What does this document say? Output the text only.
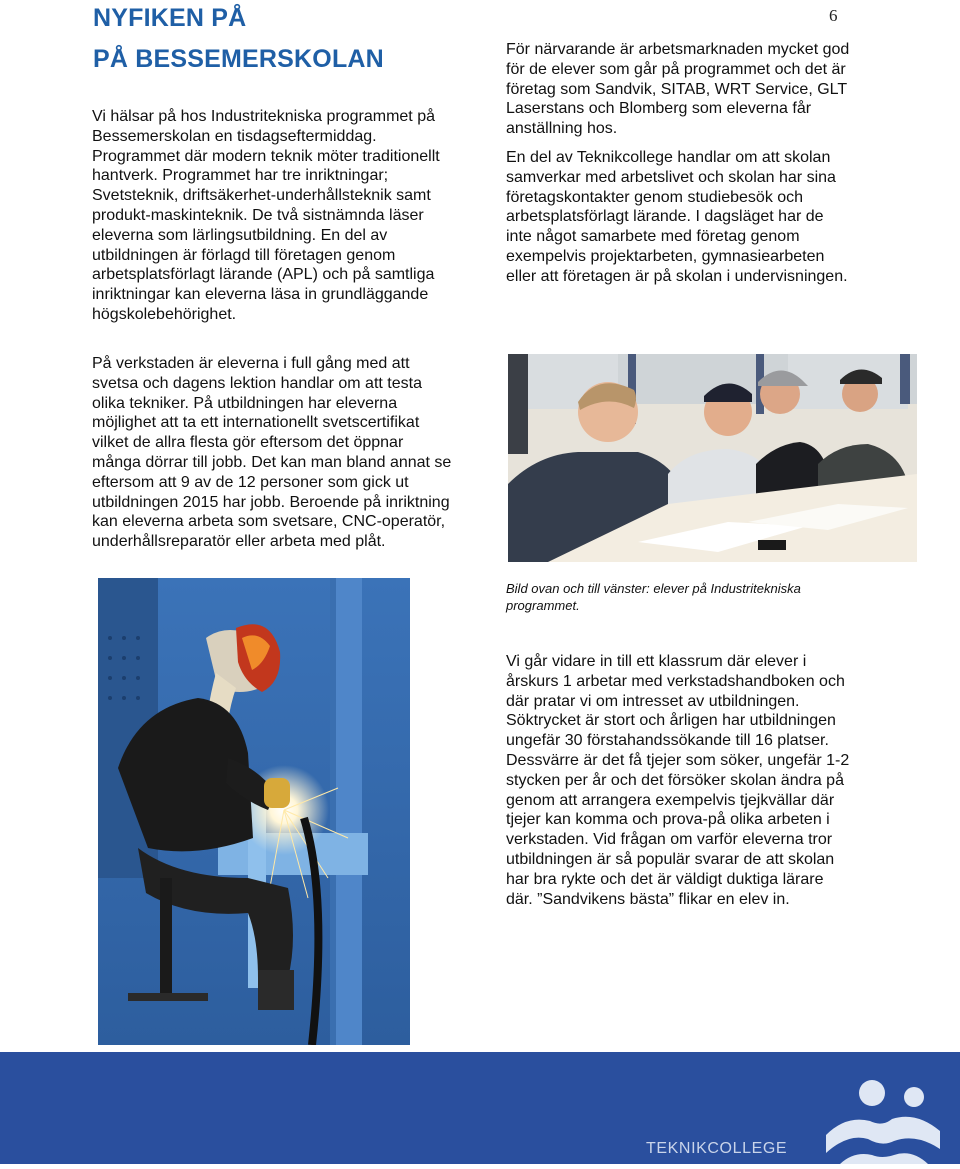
NYFIKEN PÅ
PÅ BESSEMERSKOLAN
6

Vi hälsar på hos Industritekniska programmet på Bessemerskolan en tisdagseftermiddag. Programmet där modern teknik möter traditionellt hantverk. Programmet har tre inriktningar; Svetsteknik, driftsäkerhet-underhållsteknik samt produkt-maskinteknik. De två sistnämnda läser eleverna som lärlingsutbildning. En del av utbildningen är förlagd till företagen genom arbetsplatsförlagt lärande (APL) och på samtliga inriktningar kan eleverna läsa in grundläggande högskolebehörighet.

På verkstaden är eleverna i full gång med att svetsa och dagens lektion handlar om att testa olika tekniker. På utbildningen har eleverna möjlighet att ta ett internationellt svetscertifikat vilket de allra flesta gör eftersom det öppnar många dörrar till jobb. Det kan man bland annat se eftersom att 9 av de 12 personer som gick ut utbildningen 2015 har jobb. Beroende på inriktning kan eleverna arbeta som svetsare, CNC-operatör, underhållsreparatör eller arbeta med plåt.

För närvarande är arbetsmarknaden mycket god för de elever som går på programmet och det är företag som Sandvik, SITAB, WRT Service, GLT Laserstans och Blomberg som eleverna får anställning hos.

En del av Teknikcollege handlar om att skolan samverkar med arbetslivet och skolan har sina företagskontakter genom studiebesök och arbetsplatsförlagt lärande. I dagsläget har de inte något samarbete med företag genom exempelvis projektarbeten, gymnasiearbeten eller att företagen är på skolan i undervisningen.

Bild ovan och till vänster: elever på Industritekniska programmet.

Vi går vidare in till ett klassrum där elever i årskurs 1 arbetar med verkstadshandboken och där pratar vi om intresset av utbildningen. Söktrycket är stort och årligen har utbildningen ungefär 30 förstahandssökande till 16 platser. Dessvärre är det få tjejer som söker, ungefär 1-2 stycken per år och det försöker skolan ändra på genom att arrangera exempelvis tjejkvällar där tjejer kan komma och prova-på olika arbeten i verkstaden. Vid frågan om varför eleverna tror utbildningen är så populär svarar de att skolan har bra rykte och det är väldigt duktiga lärare där. ”Sandvikens bästa” flikar en elev in.

TEKNIKCOLLEGE
